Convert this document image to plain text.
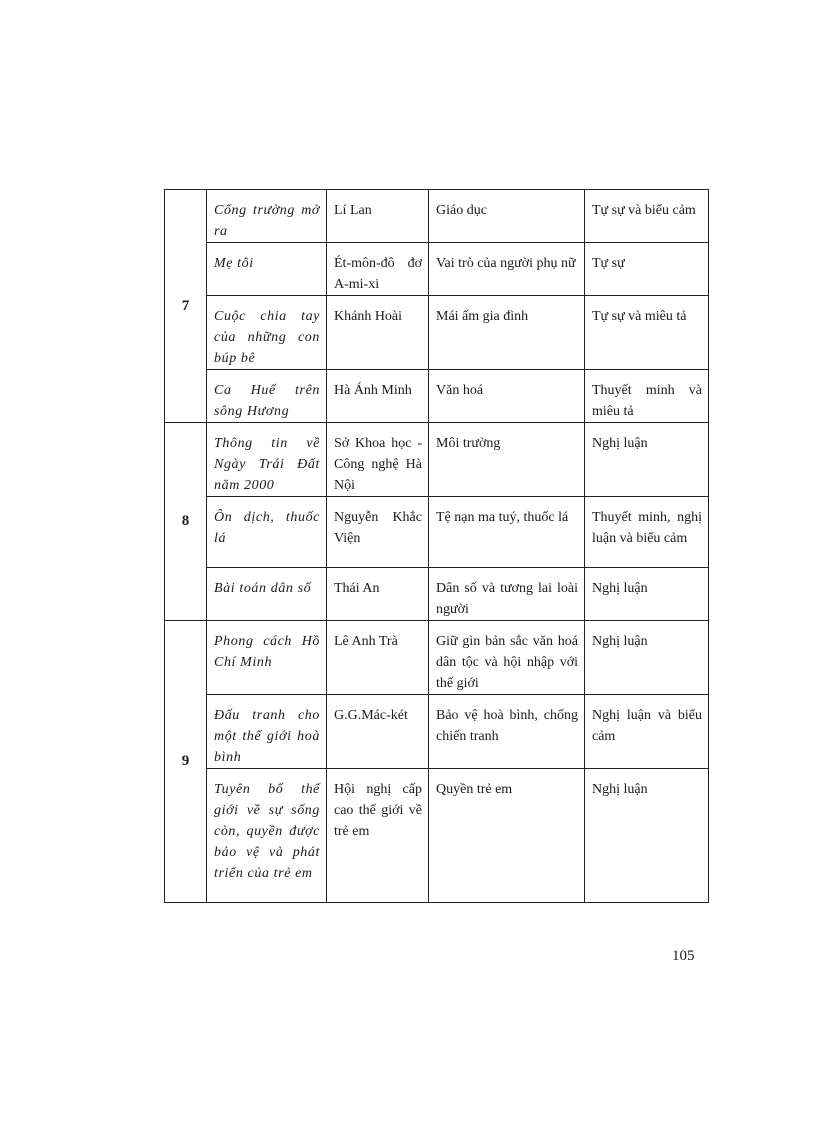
7	Cổng trường mở ra	Lí Lan	Giáo dục	Tự sự và biểu cảm
	Mẹ tôi	Ét-môn-đô đơ A-mi-xi	Vai trò của người phụ nữ	Tự sự
	Cuộc chia tay của những con búp bê	Khánh Hoài	Mái ấm gia đình	Tự sự và miêu tả
	Ca Huế trên sông Hương	Hà Ánh Minh	Văn hoá	Thuyết minh và miêu tả
8	Thông tin về Ngày Trái Đất năm 2000	Sở Khoa học - Công nghệ Hà Nội	Môi trường	Nghị luận
	Ôn dịch, thuốc lá	Nguyễn Khắc Viện	Tệ nạn ma tuý, thuốc lá	Thuyết minh, nghị luận và biểu cảm
	Bài toán dân số	Thái An	Dân số và tương lai loài người	Nghị luận
9	Phong cách Hồ Chí Minh	Lê Anh Trà	Giữ gìn bản sắc văn hoá dân tộc và hội nhập với thế giới	Nghị luận
	Đấu tranh cho một thế giới hoà bình	G.G.Mác-két	Bảo vệ hoà bình, chống chiến tranh	Nghị luận và biểu cảm
	Tuyên bố thế giới về sự sống còn, quyền được bảo vệ và phát triển của trẻ em	Hội nghị cấp cao thế giới về trẻ em	Quyền trẻ em	Nghị luận
105
